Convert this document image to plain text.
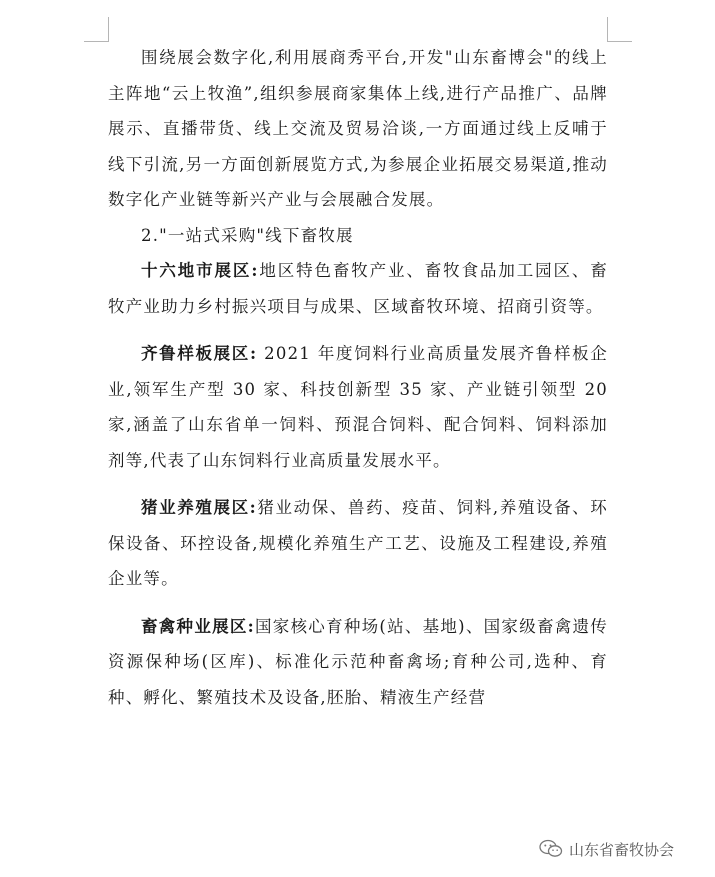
围绕展会数字化,利用展商秀平台,开发"山东畜博会"的线上主阵地“云上牧渔”,组织参展商家集体上线,进行产品推广、品牌展示、直播带货、线上交流及贸易洽谈,一方面通过线上反哺于线下引流,另一方面创新展览方式,为参展企业拓展交易渠道,推动数字化产业链等新兴产业与会展融合发展。

2."一站式采购"线下畜牧展

十六地市展区:地区特色畜牧产业、畜牧食品加工园区、畜牧产业助力乡村振兴项目与成果、区域畜牧环境、招商引资等。

齐鲁样板展区: 2021 年度饲料行业高质量发展齐鲁样板企业,领军生产型 30 家、科技创新型 35 家、产业链引领型 20 家,涵盖了山东省单一饲料、预混合饲料、配合饲料、饲料添加剂等,代表了山东饲料行业高质量发展水平。

猪业养殖展区:猪业动保、兽药、疫苗、饲料,养殖设备、环保设备、环控设备,规模化养殖生产工艺、设施及工程建设,养殖企业等。

畜禽种业展区:国家核心育种场(站、基地)、国家级畜禽遗传资源保种场(区库)、标准化示范种畜禽场;育种公司,选种、育种、孵化、繁殖技术及设备,胚胎、精液生产经营

山东省畜牧协会
